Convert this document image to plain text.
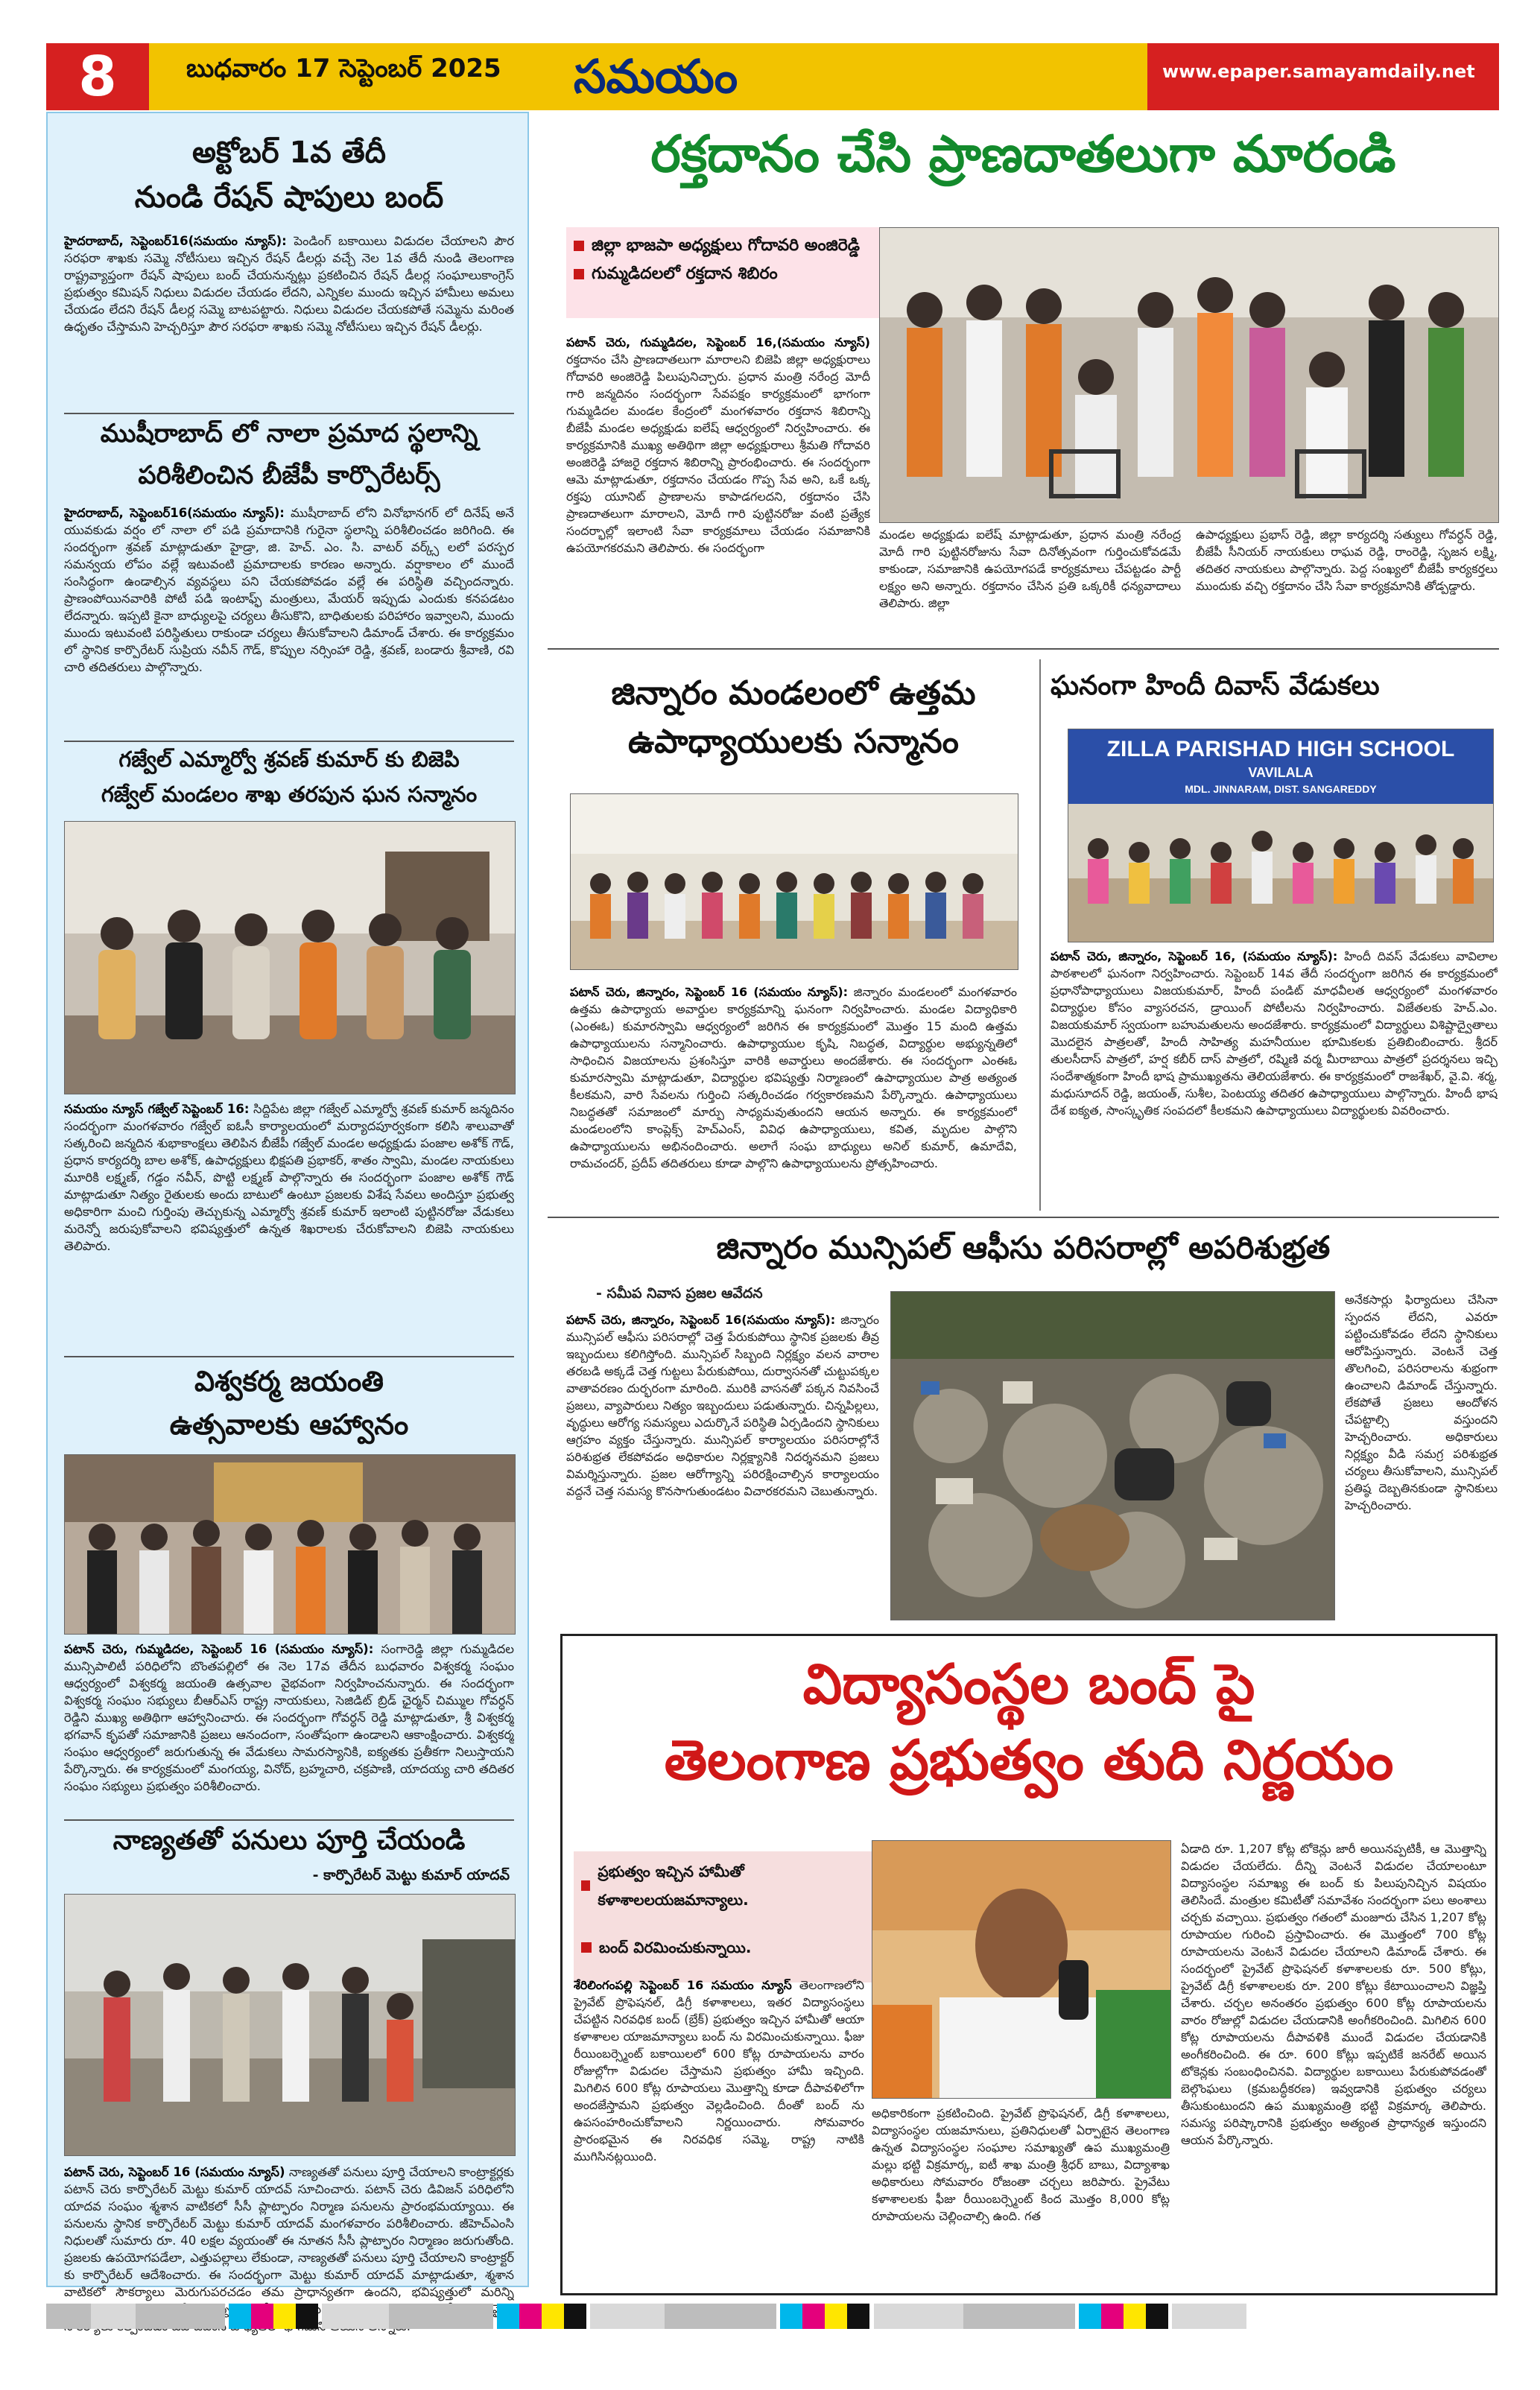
8	బుధవారం 17 సెప్టెంబర్ 2025	సమయం	www.epaper.samayamdaily.net
అక్టోబర్ 1వ తేదీ
నుండి రేషన్ షాపులు బంద్
హైదరాబాద్, సెప్టెంబర్16(సమయం న్యూస్): పెండింగ్ బకాయిలు విడుదల చేయాలని పౌర సరఫరా శాఖకు సమ్మె నోటీసులు ఇచ్చిన రేషన్ డీలర్లు వచ్చే నెల 1వ తేదీ నుండి తెలంగాణ రాష్ట్రవ్యాప్తంగా రేషన్ షాపులు బంద్ చేయనున్నట్లు ప్రకటించిన రేషన్ డీలర్ల సంఘాలుకాంగ్రెస్ ప్రభుత్వం కమిషన్ నిధులు విడుదల చేయడం లేదని, ఎన్నికల ముందు ఇచ్చిన హామీలు అమలు చేయడం లేదని రేషన్ డీలర్ల సమ్మె బాటపట్టారు. నిధులు విడుదల చేయకపోతే సమ్మెను మరింత ఉధృతం చేస్తామని హెచ్చరిస్తూ పౌర సరఫరా శాఖకు సమ్మె నోటీసులు ఇచ్చిన రేషన్ డీలర్లు.
ముషీరాబాద్ లో నాలా ప్రమాద స్థలాన్ని
పరిశీలించిన బీజేపీ కార్పొరేటర్స్
హైదరాబాద్, సెప్టెంబర్16(సమయం న్యూస్): ముషీరాబాద్ లోని వినోభానగర్ లో దినేష్ అనే యువకుడు వర్షం లో నాలా లో పడి ప్రమాదానికి గురైనా స్థలాన్ని పరిశీలించడం జరిగింది. ఈ సందర్భంగా శ్రవణ్ మాట్లాడుతూ హైడ్రా, జి. హెచ్. ఎం. సి. వాటర్ వర్క్స్ లలో పరస్పర సమన్వయ లోపం వల్లే ఇటువంటి ప్రమాదాలకు కారణం అన్నారు. వర్షాకాలం లో ముందే సంసిద్ధంగా ఉండాల్సిన వ్యవస్థలు పని చేయకపోవడం వల్లే ఈ పరిస్థితి వచ్చిందన్నారు. ప్రాణంపోయినవారికి పోటీ పడి ఇంటాఫ్ఫ్ మంత్రులు, మేయర్ ఇప్పుడు ఎందుకు కనపడటం లేదన్నారు. ఇప్పటి కైనా బాధ్యులపై చర్యలు తీసుకొని, బాధితులకు పరిహారం ఇవ్వాలని, ముందు ముందు ఇటువంటి పరిస్థితులు రాకుండా చర్యలు తీసుకోవాలని డిమాండ్ చేశారు. ఈ కార్యక్రమం లో స్థానిక కార్పొరేటర్ సుప్రియ నవీన్ గౌడ్, కొప్పుల నర్సింహా రెడ్డి, శ్రవణ్, బండారు శ్రీవాణి, రవి చారి తదితరులు పాల్గొన్నారు.
గజ్వేల్ ఎమ్మార్వో శ్రవణ్ కుమార్ కు బిజెపి
గజ్వేల్ మండలం శాఖ తరపున ఘన సన్మానం
సమయం న్యూస్ గజ్వేల్ సెప్టెంబర్ 16: సిద్దిపేట జిల్లా గజ్వేల్ ఎమ్మార్వో శ్రవణ్ కుమార్ జన్మదినం సందర్భంగా మంగళవారం గజ్వేల్ ఐఓసీ కార్యాలయంలో మర్యాదపూర్వకంగా కలిసి శాలువాతో సత్కరించి జన్మదిన శుభాకాంక్షలు తెలిపిన బీజేపీ గజ్వేల్ మండల అధ్యక్షుడు పంజాల అశోక్ గౌడ్, ప్రధాన కార్యదర్శి బాల అశోక్, ఉపాధ్యక్షులు భిక్షపతి ప్రభాకర్, శాతం స్వామి, మండల నాయకులు మూరికి లక్ష్మణ్, గడ్డం నవీన్, పొట్టి లక్ష్మణ్ పాల్గొన్నారు ఈ సందర్భంగా పంజాల అశోక్ గౌడ్ మాట్లాడుతూ నిత్యం రైతులకు అందు బాటులో ఉంటూ ప్రజలకు విశేష సేవలు అందిస్తూ ప్రభుత్వ అధికారిగా మంచి గుర్తింపు తెచ్చుకున్న ఎమ్మార్వో శ్రవణ్ కుమార్ ఇలాంటి పుట్టినరోజు వేడుకలు మరెన్నో జరుపుకోవాలని భవిష్యత్తులో ఉన్నత శిఖరాలకు చేరుకోవాలని బిజెపి నాయకులు తెలిపారు.
విశ్వకర్మ జయంతి
ఉత్సవాలకు ఆహ్వానం
పటాన్ చెరు, గుమ్మడిదల, సెప్టెంబర్ 16 (సమయం న్యూస్): సంగారెడ్డి జిల్లా గుమ్మడిదల మున్సిపాలిటీ పరిధిలోని బొంతపల్లిలో ఈ నెల 17వ తేదీన బుధవారం విశ్వకర్మ సంఘం ఆధ్వర్యంలో విశ్వకర్మ జయంతి ఉత్సవాల వైభవంగా నిర్వహించనున్నారు. ఈ సందర్భంగా విశ్వకర్మ సంఘం సభ్యులు బీఆర్ఎస్ రాష్ట్ర నాయకులు, సెజిడిట్ బ్రిడ్ ఛైర్మన్ చిమ్ముల గోవర్ధన్ రెడ్డిని ముఖ్య అతిథిగా ఆహ్వానించారు. ఈ సందర్భంగా గోవర్ధన్ రెడ్డి మాట్లాడుతూ, శ్రీ విశ్వకర్మ భగవాన్ కృపతో సమాజానికి ప్రజలు ఆనందంగా, సంతోషంగా ఉండాలని ఆకాంక్షించారు. విశ్వకర్మ సంఘం ఆధ్వర్యంలో జరుగుతున్న ఈ వేడుకలు సామరస్యానికి, ఐక్యతకు ప్రతీకగా నిలుస్తాయని పేర్కొన్నారు. ఈ కార్యక్రమంలో మంగయ్య, వినోద్, బ్రహ్మచారి, చక్రపాణి, యాదయ్య చారి తదితర సంఘం సభ్యులు ప్రభుత్వం పరిశీలించారు.
నాణ్యతతో పనులు పూర్తి చేయండి
- కార్పొరేటర్ మెట్టు కుమార్ యాదవ్
పటాన్ చెరు, సెప్టెంబర్ 16 (సమయం న్యూస్) నాణ్యతతో పనులు పూర్తి చేయాలని కాంట్రాక్టర్లకు పటాన్ చెరు కార్పొరేటర్ మెట్టు కుమార్ యాదవ్ సూచించారు. పటాన్ చెరు డివిజన్ పరిధిలోని యాదవ సంఘం శ్మశాన వాటికలో సీసీ ప్లాట్ఫారం నిర్మాణ పనులను ప్రారంభమయ్యాయి. ఈ పనులను స్థానిక కార్పొరేటర్ మెట్టు కుమార్ యాదవ్ మంగళవారం పరిశీలించారు. జీహెచ్ఎంసి నిధులతో సుమారు రూ. 40 లక్షల వ్యయంతో ఈ నూతన సీసీ ప్లాట్ఫారం నిర్మాణం జరుగుతోంది. ప్రజలకు ఉపయోగపడేలా, ఎత్తుపల్లాలు లేకుండా, నాణ్యతతో పనులు పూర్తి చేయాలని కాంట్రాక్టర్ కు కార్పొరేటర్ ఆదేశించారు. ఈ సందర్భంగా మెట్టు కుమార్ యాదవ్ మాట్లాడుతూ, శ్మశాన వాటికలో సౌకర్యాలు మెరుగుపరచడం తమ ప్రాధాన్యతగా ఉందని, భవిష్యత్తులో మరిన్ని
రక్తదానం చేసి ప్రాణదాతలుగా మారండి
జిల్లా భాజపా అధ్యక్షులు గోదావరి అంజిరెడ్డి
గుమ్మడిదలలో రక్తదాన శిబిరం
పటాన్ చెరు, గుమ్మడిదల, సెప్టెంబర్ 16,(సమయం న్యూస్) రక్తదానం చేసి ప్రాణదాతలుగా మారాలని బిజెపి జిల్లా అధ్యక్షురాలు గోదావరి అంజిరెడ్డి పిలుపునిచ్చారు. ప్రధాన మంత్రి నరేంద్ర మోదీ గారి జన్మదినం సందర్భంగా సేవపక్షం కార్యక్రమంలో భాగంగా గుమ్మడిదల మండల కేంద్రంలో మంగళవారం రక్తదాన శిబిరాన్ని బీజేపీ మండల అధ్యక్షుడు ఐలేష్ ఆధ్వర్యంలో నిర్వహించారు. ఈ కార్యక్రమానికి ముఖ్య అతిథిగా జిల్లా అధ్యక్షురాలు శ్రీమతి గోదావరి అంజిరెడ్డి హాజరై రక్తదాన శిబిరాన్ని ప్రారంభించారు. ఈ సందర్భంగా ఆమె మాట్లాడుతూ, రక్తదానం చేయడం గొప్ప సేవ అని, ఒకే ఒక్క రక్తపు యూనిట్ ప్రాణాలను కాపాడగలదని, రక్తదానం చేసి ప్రాణదాతలుగా మారాలని, మోదీ గారి పుట్టినరోజు వంటి ప్రత్యేక సందర్భాల్లో ఇలాంటి సేవా కార్యక్రమాలు చేయడం సమాజానికి ఉపయోగకరమని తెలిపారు. ఈ సందర్భంగా
మండల అధ్యక్షుడు ఐలేష్ మాట్లాడుతూ, ప్రధాన మంత్రి నరేంద్ర మోదీ గారి పుట్టినరోజును సేవా దినోత్సవంగా గుర్తించుకోవడమే కాకుండా, సమాజానికి ఉపయోగపడే కార్యక్రమాలు చేపట్టడం పార్టీ లక్ష్యం అని అన్నారు. రక్తదానం చేసిన ప్రతి ఒక్కరికీ ధన్యవాదాలు తెలిపారు. జిల్లా
ఉపాధ్యక్షులు ప్రభాస్ రెడ్డి, జిల్లా కార్యదర్శి సత్యులు గోవర్ధన్ రెడ్డి, బీజేపీ సీనియర్ నాయకులు రాఘవ రెడ్డి, రాంరెడ్డి, సృజన లక్ష్మి, తదితర నాయకులు పాల్గొన్నారు. పెద్ద సంఖ్యలో బీజేపీ కార్యకర్తలు ముందుకు వచ్చి రక్తదానం చేసి సేవా కార్యక్రమానికి తోడ్పడ్డారు.
జిన్నారం మండలంలో ఉత్తమ
ఉపాధ్యాయులకు సన్మానం
పటాన్ చెరు, జిన్నారం, సెప్టెంబర్ 16 (సమయం న్యూస్): జిన్నారం మండలంలో మంగళవారం ఉత్తమ ఉపాధ్యాయ అవార్డుల కార్యక్రమాన్ని ఘనంగా నిర్వహించారు. మండల విద్యాధికారి (ఎంఈఓ) కుమారస్వామి ఆధ్వర్యంలో జరిగిన ఈ కార్యక్రమంలో మొత్తం 15 మంది ఉత్తమ ఉపాధ్యాయులను సన్మానించారు. ఉపాధ్యాయుల కృషి, నిబద్ధత, విద్యార్థుల అభ్యున్నతిలో సాధించిన విజయాలను ప్రశంసిస్తూ వారికి అవార్డులు అందజేశారు. ఈ సందర్భంగా ఎంఈఓ కుమారస్వామి మాట్లాడుతూ, విద్యార్థుల భవిష్యత్తు నిర్మాణంలో ఉపాధ్యాయుల పాత్ర అత్యంత కీలకమని, వారి సేవలను గుర్తించి సత్కరించడం గర్వకారణమని పేర్కొన్నారు. ఉపాధ్యాయులు నిబద్ధతతో సమాజంలో మార్పు సాధ్యమవుతుందని ఆయన అన్నారు. ఈ కార్యక్రమంలో మండలంలోని కాంప్లెక్స్ హెచ్ఎంస్, వివిధ ఉపాధ్యాయులు, కవిత, మృదుల పాల్గొని ఉపాధ్యాయులను అభినందించారు. అలాగే సంఘ బాధ్యులు అనిల్ కుమార్, ఉమాదేవి, రామచందర్, ప్రదీప్ తదితరులు కూడా పాల్గొని ఉపాధ్యాయులను ప్రోత్సహించారు.
ఘనంగా హిందీ దివాస్ వేడుకలు
ZILLA PARISHAD HIGH SCHOOL
VAVILALA
MDL. JINNARAM, DIST. SANGAREDDY
పటాన్ చెరు, జిన్నారం, సెప్టెంబర్ 16, (సమయం న్యూస్): హిందీ దివస్ వేడుకలు వావిలాల పాఠశాలలో ఘనంగా నిర్వహించారు. సెప్టెంబర్ 14వ తేదీ సందర్భంగా జరిగిన ఈ కార్యక్రమంలో ప్రధానోపాధ్యాయులు విజయకుమార్, హిందీ పండిట్ మాధవీలత ఆధ్వర్యంలో మంగళవారం విద్యార్థుల కోసం వ్యాసరచన, డ్రాయింగ్ పోటీలను నిర్వహించారు. విజేతలకు హెచ్.ఎం. విజయకుమార్ స్వయంగా బహుమతులను అందజేశారు. కార్యక్రమంలో విద్యార్థులు విశిష్టాద్వైతాలు మొదలైన పాత్రలతో, హిందీ సాహిత్య మహనీయుల భూమికలకు ప్రతిబింబించారు. శ్రీదర్ తులసీదాస్ పాత్రలో, హర్ష కబీర్ దాస్ పాత్రలో, రష్మిణి వర్మ మీరాబాయి పాత్రలో ప్రదర్శనలు ఇచ్చి సందేశాత్మకంగా హిందీ భాష ప్రాముఖ్యతను తెలియజేశారు. ఈ కార్యక్రమంలో రాజశేఖర్, వై.వి. శర్మ, మధుసూదన్ రెడ్డి, జయంత్, సుశీల, పెంటయ్య తదితర ఉపాధ్యాయులు పాల్గొన్నారు. హిందీ భాష దేశ ఐక్యత, సాంస్కృతిక సంపదలో కీలకమని ఉపాధ్యాయులు విద్యార్థులకు వివరించారు.
జిన్నారం మున్సిపల్ ఆఫీసు పరిసరాల్లో అపరిశుభ్రత
- సమీప నివాస ప్రజల ఆవేదన
పటాన్ చెరు, జిన్నారం, సెప్టెంబర్ 16(సమయం న్యూస్): జిన్నారం మున్సిపల్ ఆఫీసు పరిసరాల్లో చెత్త పేరుకుపోయి స్థానిక ప్రజలకు తీవ్ర ఇబ్బందులు కలిగిస్తోంది. మున్సిపల్ సిబ్బంది నిర్లక్ష్యం వలన వారాల తరబడి అక్కడే చెత్త గుట్టలు పేరుకుపోయి, దుర్వాసనతో చుట్టుపక్కల వాతావరణం దుర్భరంగా మారింది. మురికి వాసనతో పక్కన నివసించే ప్రజలు, వ్యాపారులు నిత్యం ఇబ్బందులు పడుతున్నారు. చిన్నపిల్లలు, వృద్ధులు ఆరోగ్య సమస్యలు ఎదుర్కొనే పరిస్థితి ఏర్పడిందని స్థానికులు ఆగ్రహం వ్యక్తం చేస్తున్నారు. మున్సిపల్ కార్యాలయం పరిసరాల్లోనే పరిశుభ్రత లేకపోవడం అధికారుల నిర్లక్ష్యానికి నిదర్శనమని ప్రజలు విమర్శిస్తున్నారు. ప్రజల ఆరోగ్యాన్ని పరిరక్షించాల్సిన కార్యాలయం వద్దనే చెత్త సమస్య కొనసాగుతుండటం విచారకరమని చెబుతున్నారు.
అనేకసార్లు ఫిర్యాదులు చేసినా స్పందన లేదని, ఎవరూ పట్టించుకోవడం లేదని స్థానికులు ఆరోపిస్తున్నారు. వెంటనే చెత్త తొలగించి, పరిసరాలను శుభ్రంగా ఉంచాలని డిమాండ్ చేస్తున్నారు. లేకపోతే ప్రజలు ఆందోళన చేపట్టాల్సి వస్తుందని హెచ్చరించారు. అధికారులు నిర్లక్ష్యం వీడి సమగ్ర పరిశుభ్రత చర్యలు తీసుకోవాలని, మున్సిపల్ ప్రతిష్ఠ దెబ్బతినకుండా స్థానికులు హెచ్చరించారు.
విద్యాసంస్థల బంద్ పై
తెలంగాణ ప్రభుత్వం తుది నిర్ణయం
ప్రభుత్వం ఇచ్చిన హామీతో కళాశాలలయజమాన్యాలు.
బంద్ విరమించుకున్నాయి.
శేరిలింగంపల్లి సెప్టెంబర్ 16 సమయం న్యూస్ తెలంగాణలోని ప్రైవేట్ ప్రొఫెషనల్, డిగ్రీ కళాశాలలు, ఇతర విద్యాసంస్థలు చేపట్టిన నిరవధిక బంద్ (బ్రేక్) ప్రభుత్వం ఇచ్చిన హామీతో ఆయా కళాశాలల యాజమాన్యాలు బంద్ ను విరమించుకున్నాయి. ఫీజు రీయింబర్స్మెంట్ బకాయిలలో 600 కోట్ల రూపాయలను వారం రోజుల్లోగా విడుదల చేస్తామని ప్రభుత్వం హామీ ఇచ్చింది. మిగిలిన 600 కోట్ల రూపాయలు మొత్తాన్ని కూడా దీపావళిలోగా అందజేస్తామని ప్రభుత్వం వెల్లడించింది. దీంతో బంద్ ను ఉపసంహరించుకోవాలని నిర్ణయించారు. సోమవారం ప్రారంభమైన ఈ నిరవధిక సమ్మె, రాష్ట్ర నాటికి ముగిసినట్లయింది.
అధికారికంగా ప్రకటించింది. ప్రైవేట్ ప్రొఫెషనల్, డిగ్రీ కళాశాలలు, విద్యాసంస్థల యజమానులు, ప్రతినిధులతో ఏర్పాటైన తెలంగాణ ఉన్నత విద్యాసంస్థల సంఘాల సమాఖ్యతో ఉప ముఖ్యమంత్రి మల్లు భట్టి విక్రమార్క, ఐటీ శాఖ మంత్రి శ్రీధర్ బాబు, విద్యాశాఖ అధికారులు సోమవారం రోజంతా చర్చలు జరిపారు. ప్రైవేటు కళాశాలలకు ఫీజు రీయింబర్స్మెంట్ కింద మొత్తం 8,000 కోట్ల రూపాయలను చెల్లించాల్సి ఉంది. గత
ఏడాది రూ. 1,207 కోట్ల టోకెన్లు జారీ అయినప్పటికీ, ఆ మొత్తాన్ని విడుదల చేయలేదు. దీన్ని వెంటనే విడుదల చేయాలంటూ విద్యాసంస్థల సమాఖ్య ఈ బంద్ కు పిలుపునిచ్చిన విషయం తెలిసిందే. మంత్రుల కమిటీతో సమావేశం సందర్భంగా పలు అంశాలు చర్చకు వచ్చాయి. ప్రభుత్వం గతంలో మంజూరు చేసిన 1,207 కోట్ల రూపాయల గురించి ప్రస్తావించారు. ఈ మొత్తంలో 700 కోట్ల రూపాయలను వెంటనే విడుదల చేయాలని డిమాండ్ చేశారు. ఈ సందర్భంలో ప్రైవేట్ ప్రొఫెషనల్ కళాశాలలకు రూ. 500 కోట్లు, ప్రైవేట్ డిగ్రీ కళాశాలలకు రూ. 200 కోట్లు కేటాయించాలని విజ్ఞప్తి చేశారు. చర్చల అనంతరం ప్రభుత్వం 600 కోట్ల రూపాయలను వారం రోజుల్లో విడుదల చేయడానికి అంగీకరించింది. మిగిలిన 600 కోట్ల రూపాయలను దీపావళికి ముందే విడుదల చేయడానికి అంగీకరించింది. ఈ రూ. 600 కోట్లు ఇప్పటికే జనరేట్ అయిన టోకెన్లకు సంబంధించినవి. విద్యార్థుల బకాయిలు పేరుకుపోవడంతో బెల్గొంఘలు (క్రమబద్ధీకరణ) ఇవ్వడానికి ప్రభుత్వం చర్యలు తీసుకుంటుందని ఉప ముఖ్యమంత్రి భట్టి విక్రమార్క తెలిపారు. సమస్య పరిష్కారానికి ప్రభుత్వం అత్యంత ప్రాధాన్యత ఇస్తుందని ఆయన పేర్కొన్నారు.
